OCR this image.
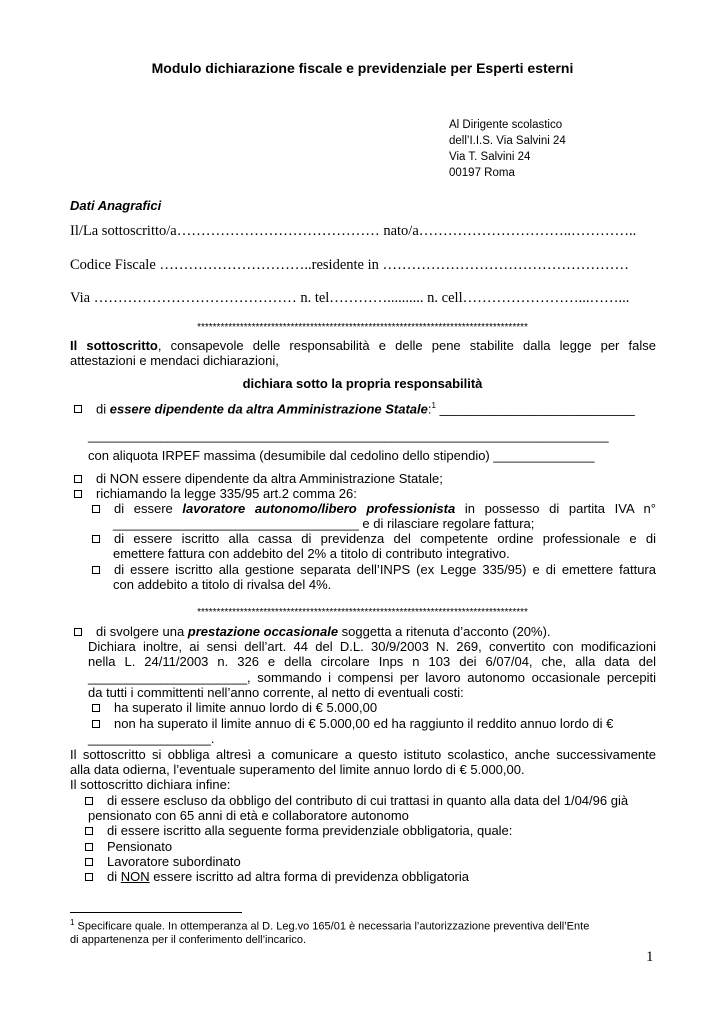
Modulo dichiarazione fiscale e previdenziale per Esperti esterni
Al Dirigente scolastico
dell’I.I.S. Via Salvini 24
Via T. Salvini 24
00197 Roma
Dati Anagrafici
Il/La sottoscritto/a…………………………………… nato/a…………………………..…………..
Codice Fiscale …………………………..residente in ……………………………………………
Via …………………………………… n. tel………….......... n. cell……………………...……...
*************************************************************************************
Il sottoscritto, consapevole delle responsabilità e delle pene stabilite dalla legge per false
attestazioni e mendaci dichiarazioni,
dichiara sotto la propria responsabilità
di essere dipendente da altra Amministrazione Statale:$^1$ ___________________________
________________________________________________________________________
con aliquota IRPEF massima (desumibile dal cedolino dello stipendio) ______________
di NON essere dipendente da altra Amministrazione Statale;
richiamando la legge 335/95 art.2 comma 26:
di essere lavoratore autonomo/libero professionista in possesso di partita IVA n°
__________________________________ e di rilasciare regolare fattura;
di essere iscritto alla cassa di previdenza del competente ordine professionale e di
emettere fattura con addebito del 2% a titolo di contributo integrativo.
di essere iscritto alla gestione separata dell’INPS (ex Legge 335/95) e di emettere fattura
con addebito a titolo di rivalsa del 4%.
*************************************************************************************
di svolgere una prestazione occasionale soggetta a ritenuta d’acconto (20%).
Dichiara inoltre, ai sensi dell’art. 44 del D.L. 30/9/2003 N. 269, convertito con modificazioni
nella L. 24/11/2003 n. 326 e della circolare Inps n 103 dei 6/07/04, che, alla data del
______________________, sommando i compensi per lavoro autonomo occasionale percepiti
da tutti i committenti nell’anno corrente, al netto di eventuali costi:
ha superato il limite annuo lordo di € 5.000,00
non ha superato il limite annuo di € 5.000,00 ed ha raggiunto il reddito annuo lordo di €
_________________.
Il sottoscritto si obbliga altresì a comunicare a questo istituto scolastico, anche successivamente
alla data odierna, l’eventuale superamento del limite annuo lordo di € 5.000,00.
Il sottoscritto dichiara infine:
di essere escluso da obbligo del contributo di cui trattasi in quanto alla data del 1/04/96 già
pensionato con 65 anni di età e collaboratore autonomo
di essere iscritto alla seguente forma previdenziale obbligatoria, quale:
Pensionato
Lavoratore subordinato
di NON essere iscritto ad altra forma di previdenza obbligatoria
$^1$ Specificare quale. In ottemperanza al D. Leg.vo 165/01 è necessaria l’autorizzazione preventiva dell’Ente
di appartenenza per il conferimento dell’incarico.
1
